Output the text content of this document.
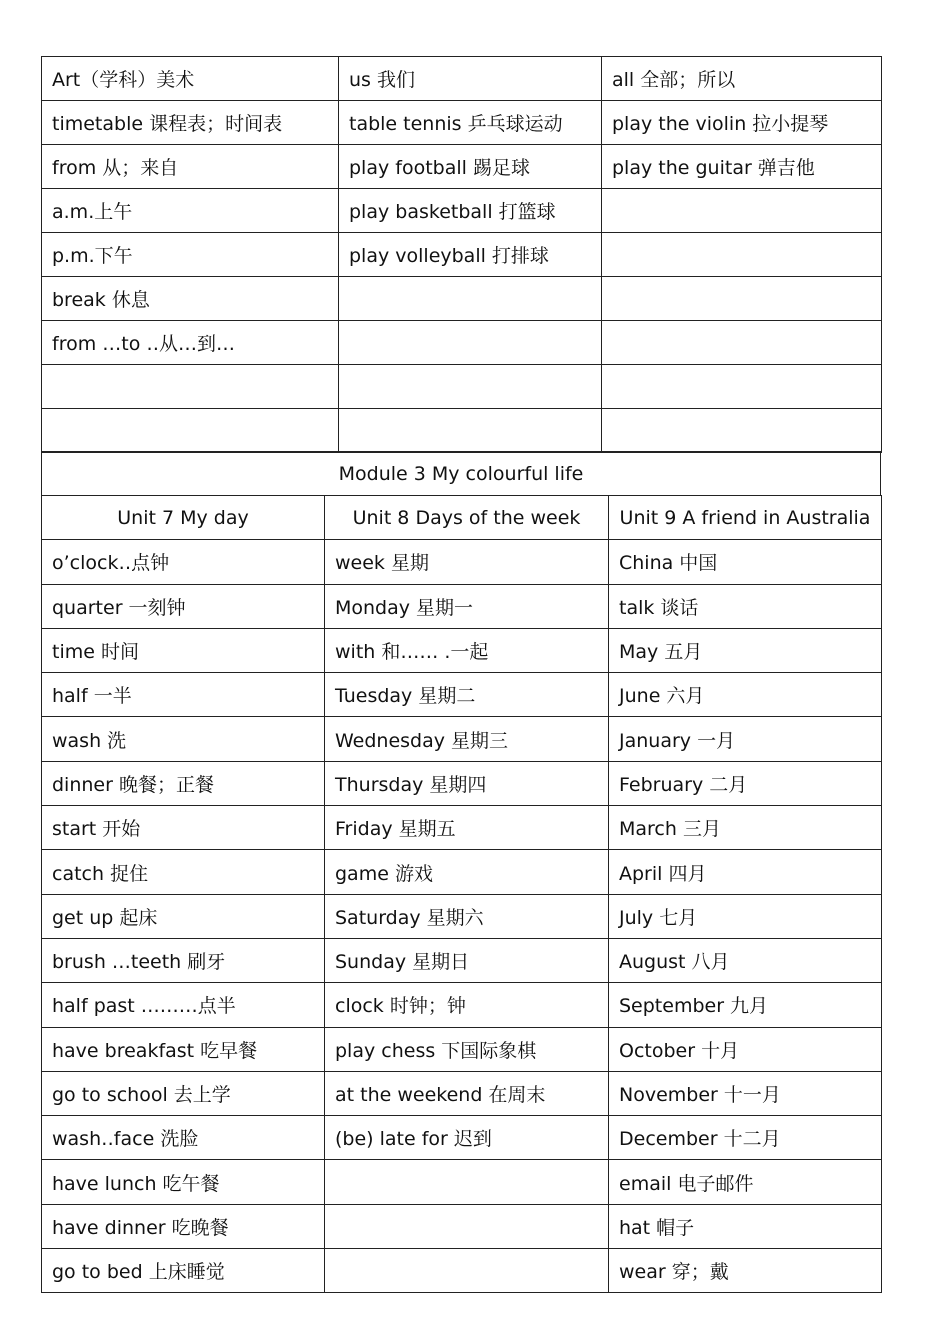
Art（学科）美术	us 我们	all 全部；所以
timetable 课程表；时间表	table tennis 乒乓球运动	play the violin 拉小提琴
from 从；来自	play football 踢足球	play the guitar 弹吉他
a.m.上午	play basketball 打篮球	
p.m.下午	play volleyball 打排球	
break 休息		
from …to ‥从…到…		

Module 3 My colourful life
Unit 7 My day	Unit 8 Days of the week	Unit 9 A friend in Australia
o’clock‥点钟	week 星期	China 中国
quarter 一刻钟	Monday 星期一	talk 谈话
time 时间	with 和…… .一起	May 五月
half 一半	Tuesday 星期二	June 六月
wash 洗	Wednesday 星期三	January 一月
dinner 晚餐；正餐	Thursday 星期四	February 二月
start 开始	Friday 星期五	March 三月
catch 捉住	game 游戏	April 四月
get up 起床	Saturday 星期六	July 七月
brush …teeth 刷牙	Sunday 星期日	August 八月
half past ………点半	clock 时钟；钟	September 九月
have breakfast 吃早餐	play chess 下国际象棋	October 十月
go to school 去上学	at the weekend 在周末	November 十一月
wash‥face 洗脸	(be) late for 迟到	December 十二月
have lunch 吃午餐		email 电子邮件
have dinner 吃晚餐		hat 帽子
go to bed 上床睡觉		wear 穿；戴
